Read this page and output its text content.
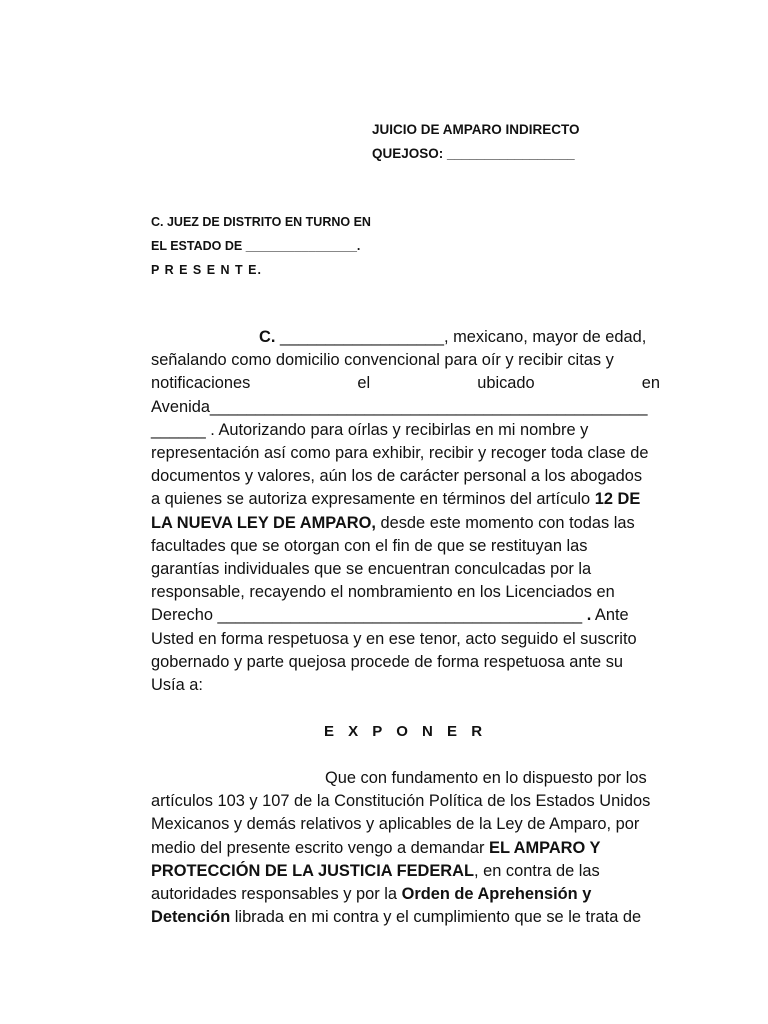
JUICIO DE AMPARO INDIRECTO
QUEJOSO: _________________
C. JUEZ DE DISTRITO EN TURNO EN
EL ESTADO DE ________________.
P R E S E N T E.
C. __________________, mexicano, mayor de edad,
señalando como domicilio convencional para oír y recibir citas y
notificaciones	el	ubicado	en
Avenida________________________________________________
______ . Autorizando para oírlas y recibirlas en mi nombre y
representación así como para exhibir, recibir y recoger toda clase de
documentos y valores, aún los de carácter personal a los abogados
a quienes se autoriza expresamente en términos del artículo 12 DE
LA NUEVA LEY DE AMPARO, desde este momento con todas las
facultades que se otorgan con el fin de que se restituyan las
garantías individuales que se encuentran conculcadas por la
responsable, recayendo el nombramiento en los Licenciados en
Derecho ________________________________________ . Ante
Usted en forma respetuosa y en ese tenor, acto seguido el suscrito
gobernado y parte quejosa procede de forma respetuosa ante su
Usía a:
E X P O N E R
Que con fundamento en lo dispuesto por los
artículos 103 y 107 de la Constitución Política de los Estados Unidos
Mexicanos y demás relativos y aplicables de la Ley de Amparo, por
medio del presente escrito vengo a demandar EL AMPARO Y
PROTECCIÓN DE LA JUSTICIA FEDERAL, en contra de las
autoridades responsables y por la Orden de Aprehensión y
Detención librada en mi contra y el cumplimiento que se le trata de
